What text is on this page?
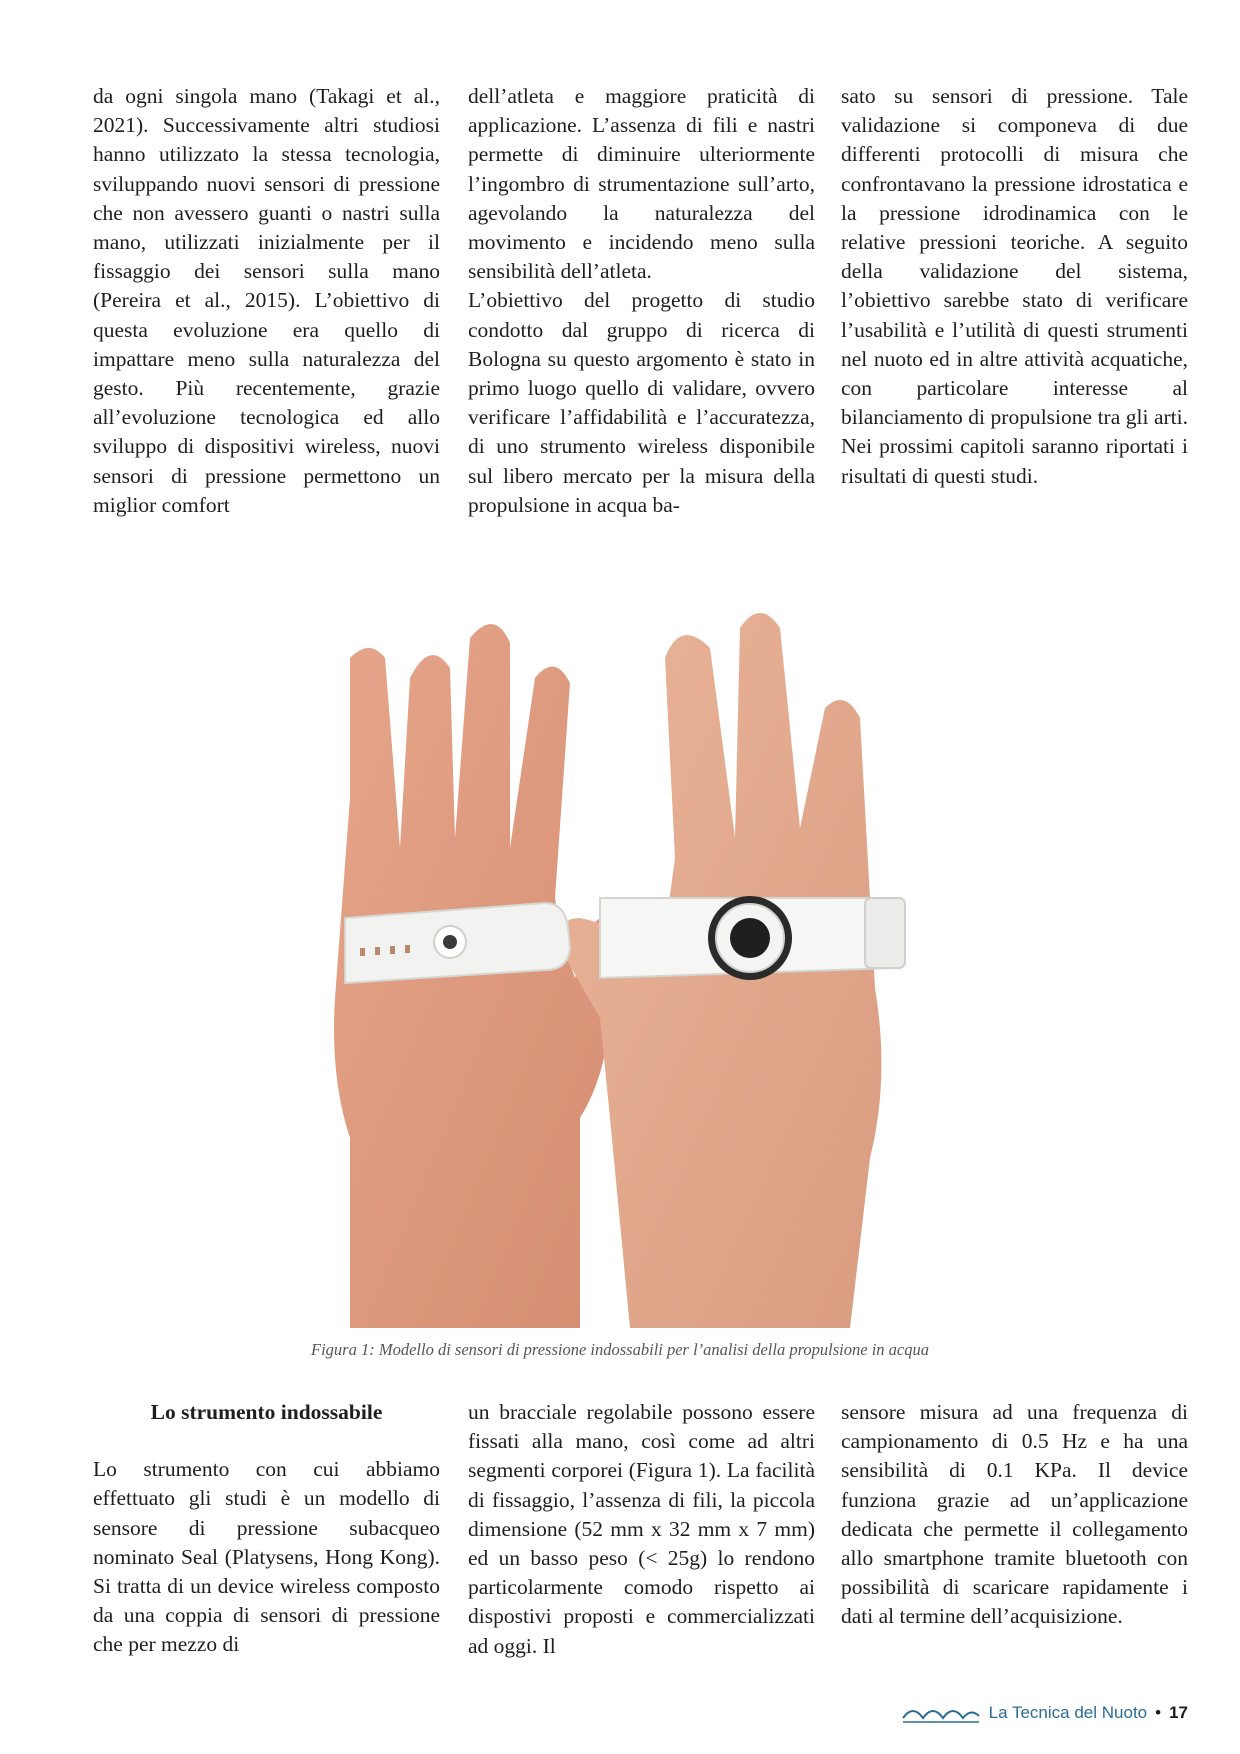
da ogni singola mano (Takagi et al., 2021). Successivamente altri studiosi hanno utilizzato la stessa tecnologia, sviluppando nuovi sensori di pressione che non avessero guanti o nastri sulla mano, utilizzati inizialmente per il fissaggio dei sensori sulla mano (Pereira et al., 2015). L’obiettivo di questa evoluzione era quello di impattare meno sulla naturalezza del gesto. Più recentemente, grazie all’evoluzione tecnologica ed allo sviluppo di dispositivi wireless, nuovi sensori di pressione permettono un miglior comfort

dell’atleta e maggiore praticità di applicazione. L’assenza di fili e nastri permette di diminuire ulteriormente l’ingombro di strumentazione sull’arto, agevolando la naturalezza del movimento e incidendo meno sulla sensibilità dell’atleta.

L’obiettivo del progetto di studio condotto dal gruppo di ricerca di Bologna su questo argomento è stato in primo luogo quello di validare, ovvero verificare l’affidabilità e l’accuratezza, di uno strumento wireless disponibile sul libero mercato per la misura della propulsione in acqua ba-

sato su sensori di pressione. Tale validazione si componeva di due differenti protocolli di misura che confrontavano la pressione idrostatica e la pressione idrodinamica con le relative pressioni teoriche. A seguito della validazione del sistema, l’obiettivo sarebbe stato di verificare l’usabilità e l’utilità di questi strumenti nel nuoto ed in altre attività acquatiche, con particolare interesse al bilanciamento di propulsione tra gli arti. Nei prossimi capitoli saranno riportati i risultati di questi studi.

Figura 1: Modello di sensori di pressione indossabili per l’analisi della propulsione in acqua

Lo strumento indossabile

Lo strumento con cui abbiamo effettuato gli studi è un modello di sensore di pressione subacqueo nominato Seal (Platysens, Hong Kong). Si tratta di un device wireless composto da una coppia di sensori di pressione che per mezzo di

un bracciale regolabile possono essere fissati alla mano, così come ad altri segmenti corporei (Figura 1). La facilità di fissaggio, l’assenza di fili, la piccola dimensione (52 mm x 32 mm x 7 mm) ed un basso peso (< 25g) lo rendono particolarmente comodo rispetto ai dispostivi proposti e commercializzati ad oggi. Il

sensore misura ad una frequenza di campionamento di 0.5 Hz e ha una sensibilità di 0.1 KPa. Il device funziona grazie ad un’applicazione dedicata che permette il collegamento allo smartphone tramite bluetooth con possibilità di scaricare rapidamente i dati al termine dell’acquisizione.

La Tecnica del Nuoto • 17
